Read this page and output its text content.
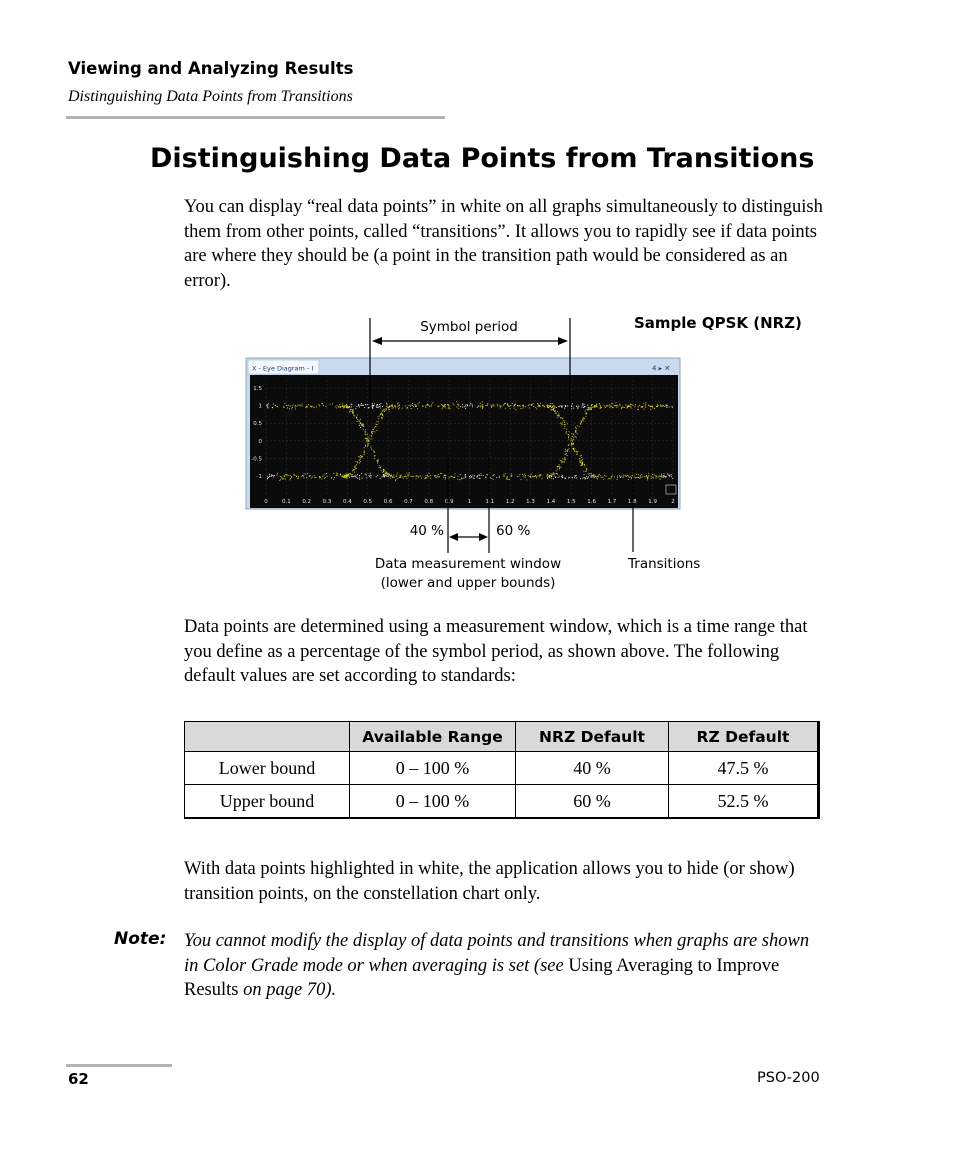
Viewing and Analyzing Results
Distinguishing Data Points from Transitions
Distinguishing Data Points from Transitions
You can display “real data points” in white on all graphs simultaneously to distinguish them from other points, called “transitions”. It allows you to rapidly see if data points are where they should be (a point in the transition path would be considered as an error).
Sample QPSK (NRZ)
X - Eye Diagram - I	4 ▸ ✕
1.5
1
0.5
0
-0.5
-1
0	0.1 0.2 0.3 0.4 0.5 0.6 0.7 0.8 0.9	1	1.1 1.2 1.3 1.4 1.5 1.6 1.7 1.8 1.9	2
Symbol period
40 %	60 %
Data measurement window
(lower and upper bounds)
Transitions
Data points are determined using a measurement window, which is a time range that you define as a percentage of the symbol period, as shown above. The following default values are set according to standards:
	Available Range	NRZ Default	RZ Default
Lower bound	0 – 100 %	40 %	47.5 %
Upper bound	0 – 100 %	60 %	52.5 %
With data points highlighted in white, the application allows you to hide (or show) transition points, on the constellation chart only.
Note: You cannot modify the display of data points and transitions when graphs are shown in Color Grade mode or when averaging is set (see Using Averaging to Improve Results on page 70).
62	PSO-200
